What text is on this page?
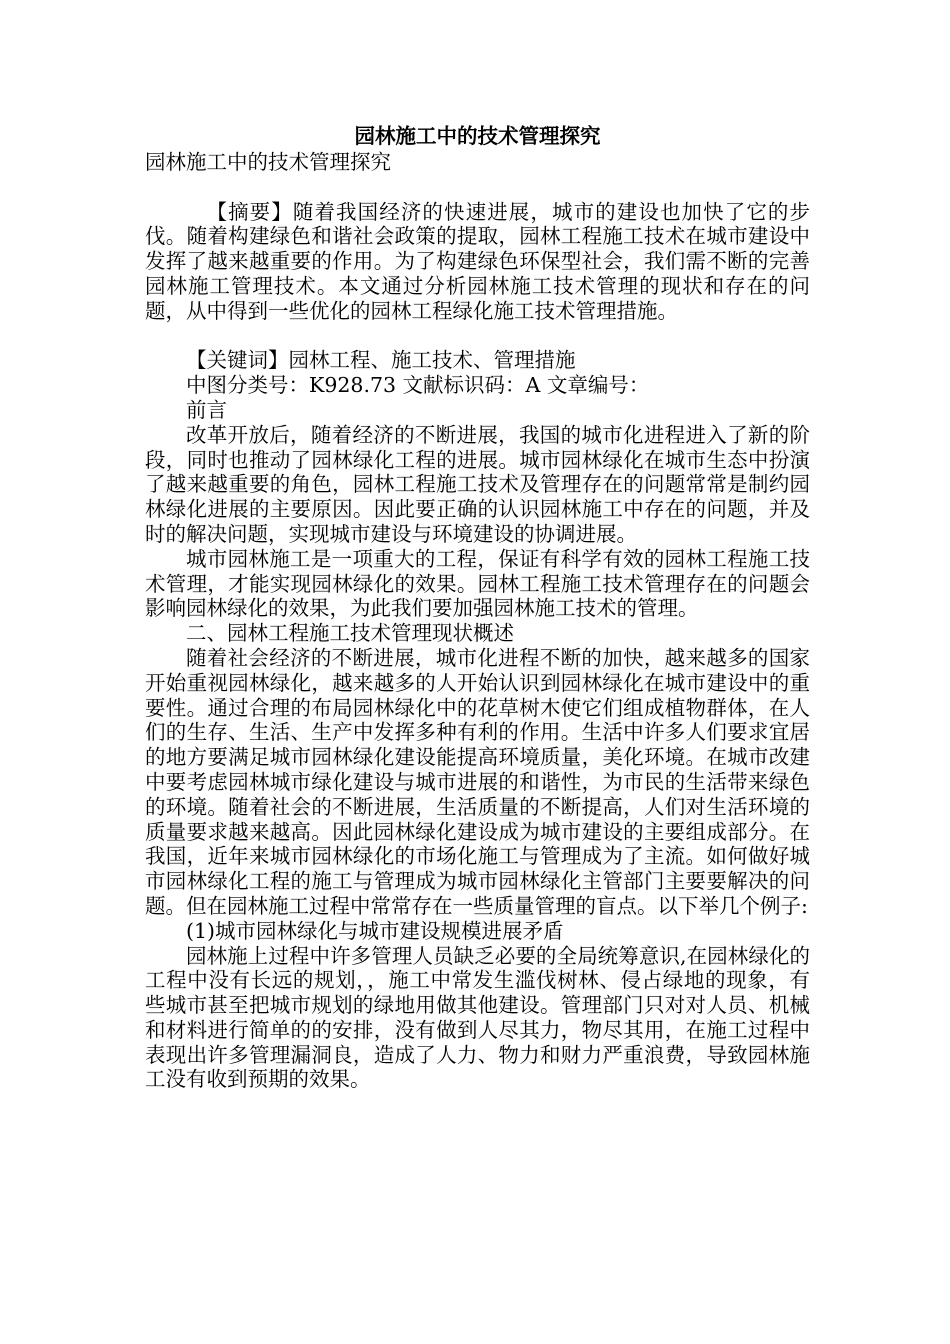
园林施工中的技术管理探究

园林施工中的技术管理探究

【摘要】随着我国经济的快速进展，城市的建设也加快了它的步伐。随着构建绿色和谐社会政策的提取，园林工程施工技术在城市建设中发挥了越来越重要的作用。为了构建绿色环保型社会，我们需不断的完善园林施工管理技术。本文通过分析园林施工技术管理的现状和存在的问题，从中得到一些优化的园林工程绿化施工技术管理措施。

【关键词】园林工程、施工技术、管理措施

中图分类号：K928.73 文献标识码：A 文章编号：

前言

改革开放后，随着经济的不断进展，我国的城市化进程进入了新的阶段，同时也推动了园林绿化工程的进展。城市园林绿化在城市生态中扮演了越来越重要的角色，园林工程施工技术及管理存在的问题常常是制约园林绿化进展的主要原因。因此要正确的认识园林施工中存在的问题，并及时的解决问题，实现城市建设与环境建设的协调进展。

城市园林施工是一项重大的工程，保证有科学有效的园林工程施工技术管理，才能实现园林绿化的效果。园林工程施工技术管理存在的问题会影响园林绿化的效果，为此我们要加强园林施工技术的管理。

二、园林工程施工技术管理现状概述

随着社会经济的不断进展，城市化进程不断的加快，越来越多的国家开始重视园林绿化，越来越多的人开始认识到园林绿化在城市建设中的重要性。通过合理的布局园林绿化中的花草树木使它们组成植物群体，在人们的生存、生活、生产中发挥多种有利的作用。生活中许多人们要求宜居的地方要满足城市园林绿化建设能提高环境质量，美化环境。在城市改建中要考虑园林城市绿化建设与城市进展的和谐性，为市民的生活带来绿色的环境。随着社会的不断进展，生活质量的不断提高，人们对生活环境的质量要求越来越高。因此园林绿化建设成为城市建设的主要组成部分。在我国，近年来城市园林绿化的市场化施工与管理成为了主流。如何做好城市园林绿化工程的施工与管理成为城市园林绿化主管部门主要要解决的问题。但在园林施工过程中常常存在一些质量管理的盲点。以下举几个例子:

(1)城市园林绿化与城市建设规模进展矛盾

园林施上过程中许多管理人员缺乏必要的全局统筹意识,在园林绿化的工程中没有长远的规划，，施工中常发生滥伐树林、侵占绿地的现象，有些城市甚至把城市规划的绿地用做其他建设。管理部门只对对人员、机械和材料进行简单的的安排，没有做到人尽其力，物尽其用，在施工过程中表现出许多管理漏洞良，造成了人力、物力和财力严重浪费，导致园林施工没有收到预期的效果。
